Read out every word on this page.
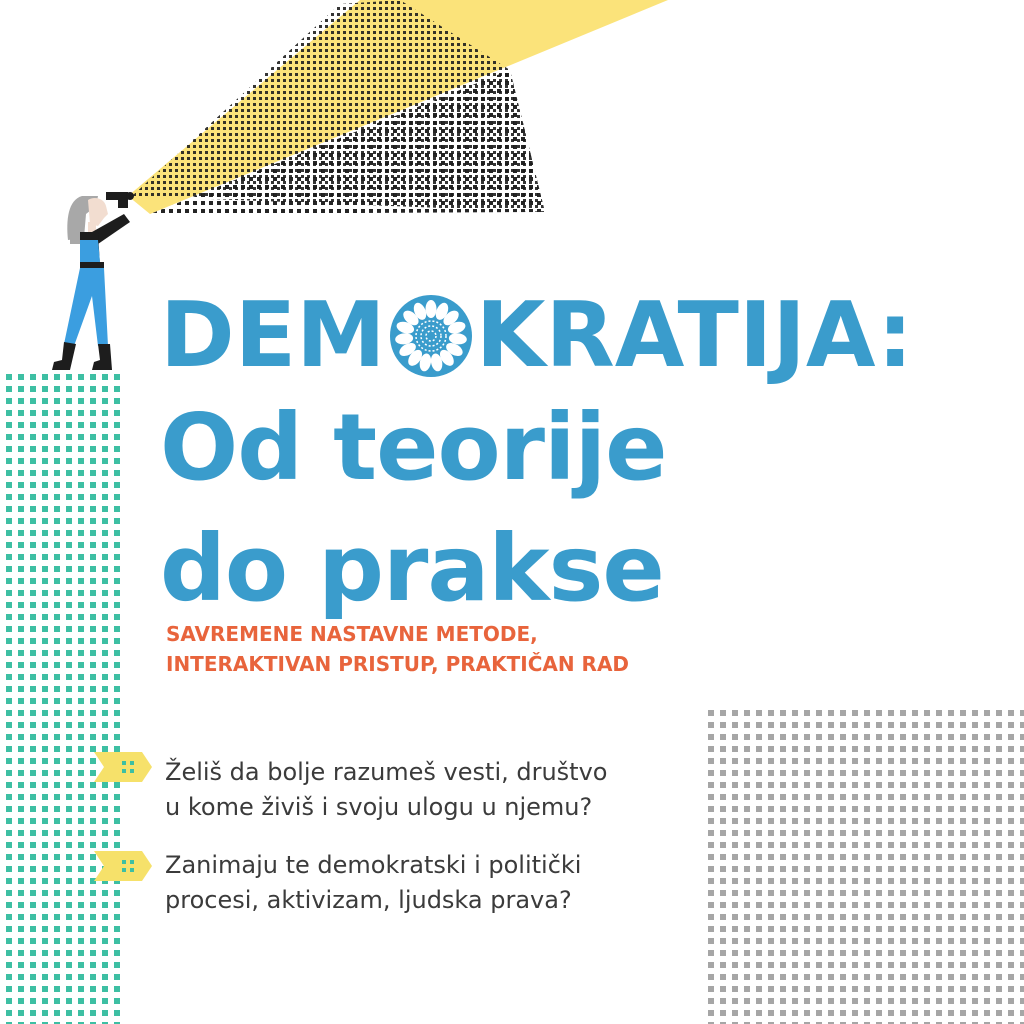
DEM KRATIJA:
Od teorije
do prakse
SAVREMENE NASTAVNE METODE,
INTERAKTIVAN PRISTUP, PRAKTIČAN RAD
Želiš da bolje razumeš vesti, društvo
u kome živiš i svoju ulogu u njemu?
Zanimaju te demokratski i politički
procesi, aktivizam, ljudska prava?
